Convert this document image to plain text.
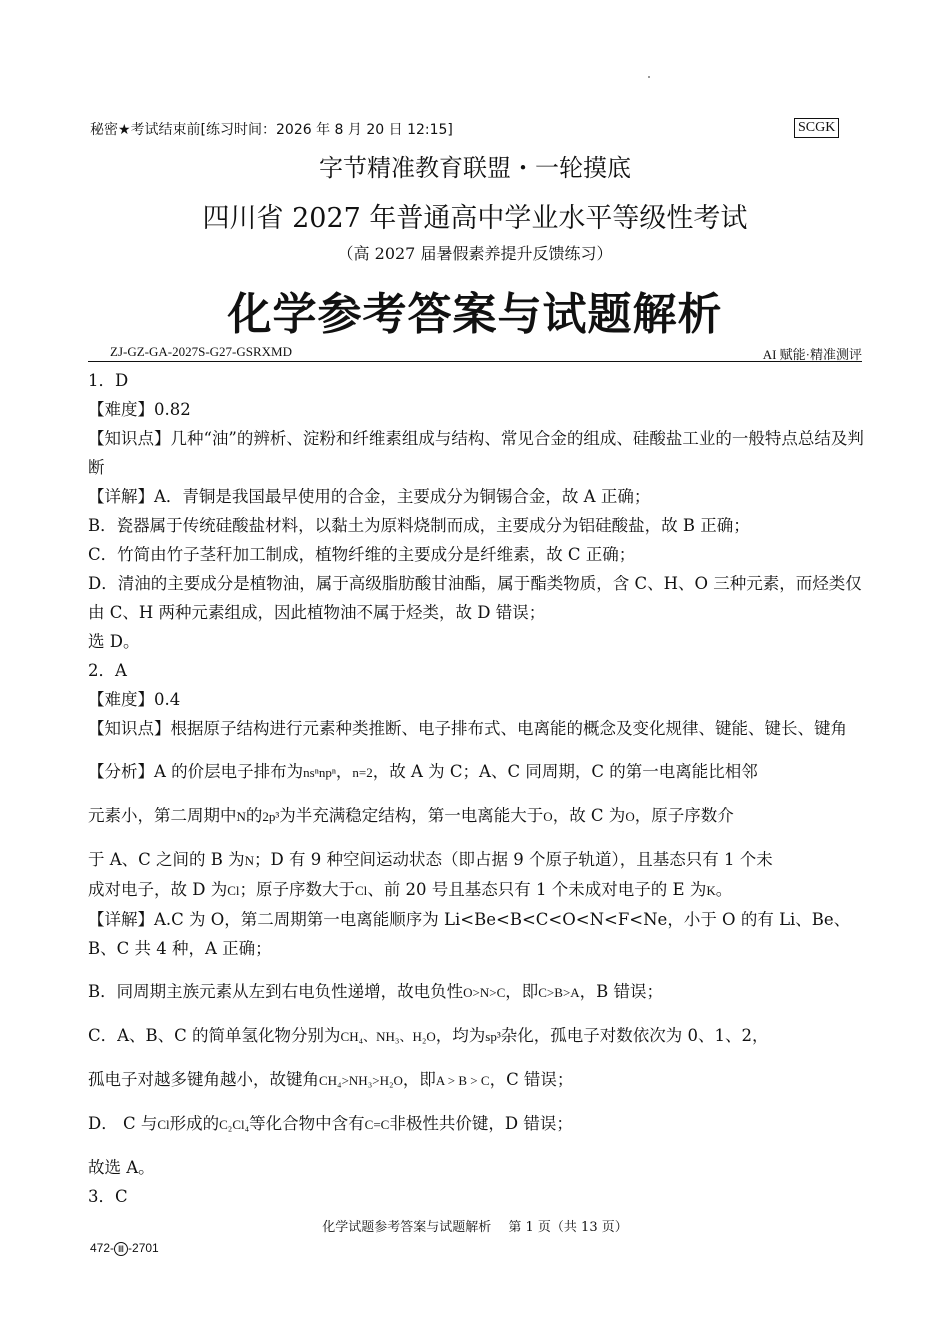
秘密★考试结束前[练习时间：2026 年 8 月 20 日 12:15]	SCGK
字节精准教育联盟・一轮摸底
四川省 2027 年普通高中学业水平等级性考试
（高 2027 届暑假素养提升反馈练习）
化学参考答案与试题解析
ZJ-GZ-GA-2027S-G27-GSRXMD	AI 赋能·精准测评

1．D

【难度】0.82

【知识点】几种“油”的辨析、淀粉和纤维素组成与结构、常见合金的组成、硅酸盐工业的一般特点总结及判断

【详解】A．青铜是我国最早使用的合金，主要成分为铜锡合金，故 A 正确；

B．瓷器属于传统硅酸盐材料，以黏土为原料烧制而成，主要成分为铝硅酸盐，故 B 正确；

C．竹简由竹子茎秆加工制成，植物纤维的主要成分是纤维素，故 C 正确；

D．清油的主要成分是植物油，属于高级脂肪酸甘油酯，属于酯类物质，含 C、H、O 三种元素，而烃类仅由 C、H 两种元素组成，因此植物油不属于烃类，故 D 错误；

选 D。

2．A

【难度】0.4

【知识点】根据原子结构进行元素种类推断、电子排布式、电离能的概念及变化规律、键能、键长、键角

【分析】A 的价层电子排布为nsⁿnpⁿ，n=2，故 A 为 C；A、C 同周期，C 的第一电离能比相邻

元素小，第二周期中N的2p³为半充满稳定结构，第一电离能大于O，故 C 为O，原子序数介

于 A、C 之间的 B 为N；D 有 9 种空间运动状态（即占据 9 个原子轨道），且基态只有 1 个未

成对电子，故 D 为Cl；原子序数大于Cl、前 20 号且基态只有 1 个未成对电子的 E 为K。

【详解】A.C 为 O，第二周期第一电离能顺序为 Li<Be<B<C<O<N<F<Ne，小于 O 的有 Li、Be、B、C 共 4 种，A 正确；

B．同周期主族元素从左到右电负性递增，故电负性O>N>C，即C>B>A，B 错误；

C．A、B、C 的简单氢化物分别为CH₄、NH₃、H₂O，均为sp³杂化，孤电子对数依次为 0、1、2，

孤电子对越多键角越小，故键角CH₄>NH₃>H₂O，即A > B > C，C 错误；

D． C 与Cl形成的C₂Cl₄等化合物中含有C=C非极性共价键，D 错误；

故选 A。

3．C

化学试题参考答案与试题解析　 第 1 页（共 13 页）
472- Ⅲ -2701
